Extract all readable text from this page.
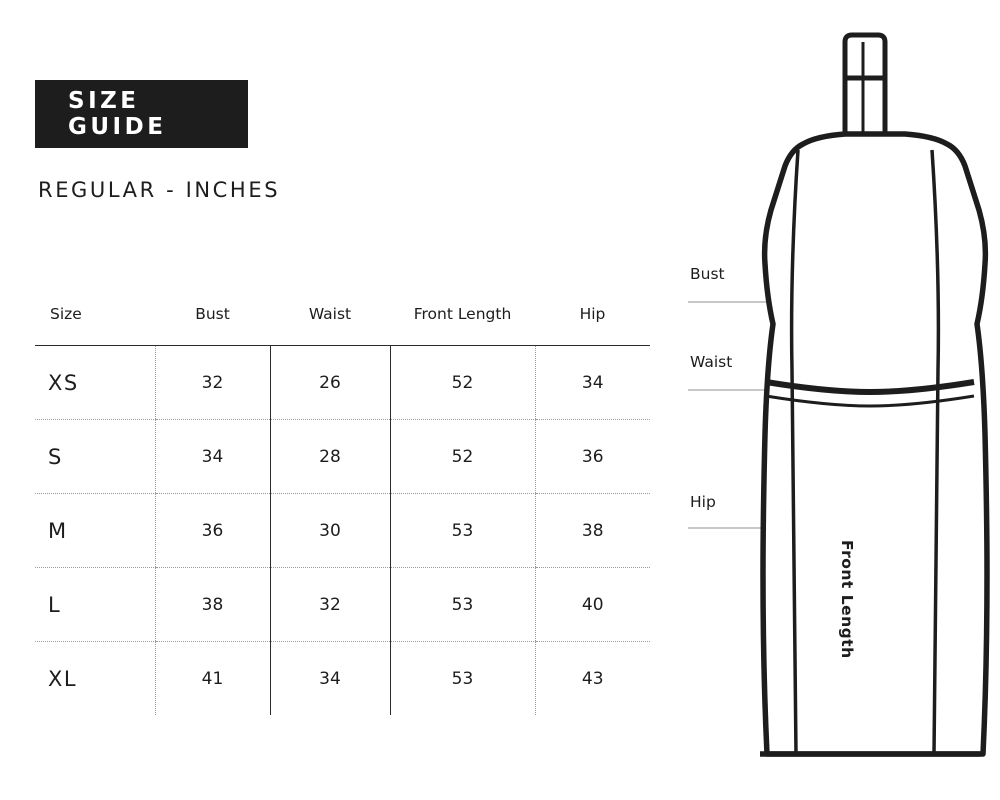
SIZE GUIDE
REGULAR - INCHES
Size	Bust	Waist	Front Length	Hip
XS	32	26	52	34
S	34	28	52	36
M	36	30	53	38
L	38	32	53	40
XL	41	34	53	43
Bust
Waist
Hip
Front Length
